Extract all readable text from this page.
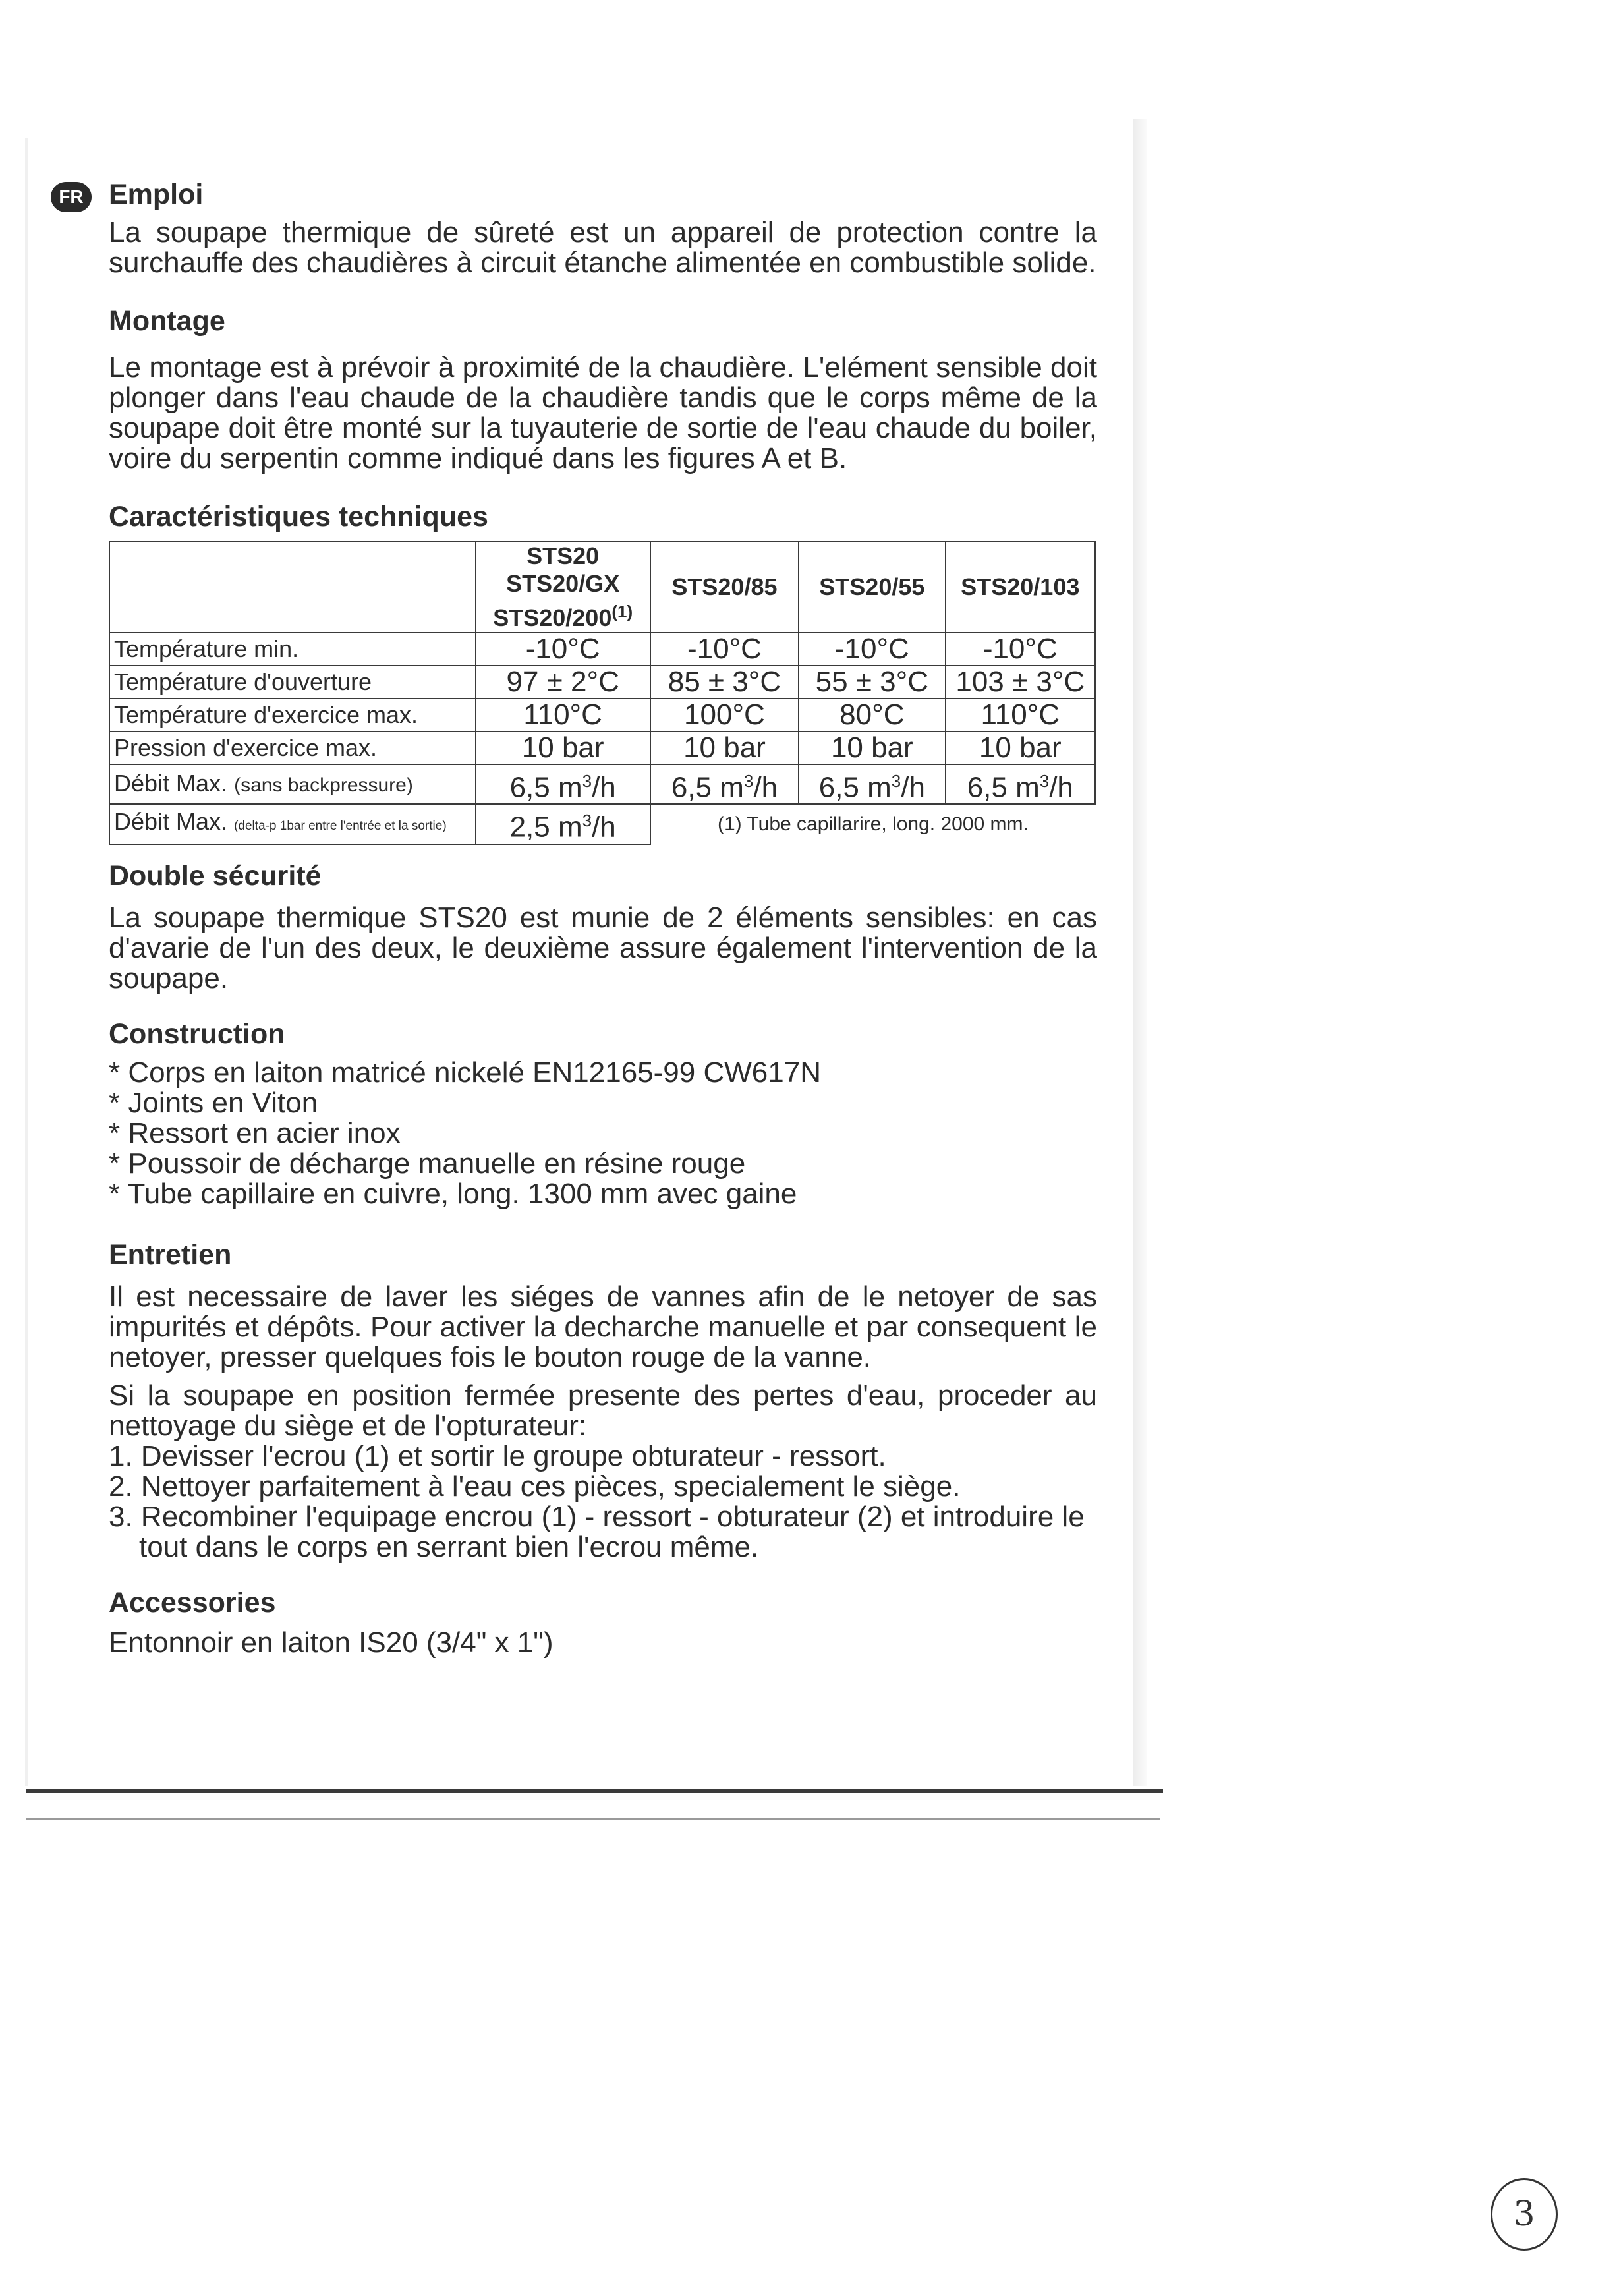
FR Emploi

La soupape thermique de sûreté est un appareil de protection contre la surchauffe des chaudières à circuit étanche alimentée en combustible solide.

Montage

Le montage est à prévoir à proximité de la chaudière. L'elément sensible doit plonger dans l'eau chaude de la chaudière tandis que le corps même de la soupape doit être monté sur la tuyauterie de sortie de l'eau chaude du boiler, voire du serpentin comme indiqué dans les figures A et B.

Caractéristiques techniques

	STS20
STS20/GX
STS20/200$^{(1)}$	STS20/85	STS20/55	STS20/103
Température min.	-10°C	-10°C	-10°C	-10°C
Température d'ouverture	97 ± 2°C	85 ± 3°C	55 ± 3°C	103 ± 3°C
Température d'exercice max.	110°C	100°C	80°C	110°C
Pression d'exercice max.	10 bar	10 bar	10 bar	10 bar
Débit Max. (sans backpressure)	6,5 $m^3/h$	6,5 $m^3/h$	6,5 $m^3/h$	6,5 $m^3/h$
Débit Max. (delta-p 1bar entre l'entrée et la sortie)	2,5 $m^3/h$	(1) Tube capillarire, long. 2000 mm.		
Double sécurité

La soupape thermique STS20 est munie de 2 éléments sensibles: en cas d'avarie de l'un des deux, le deuxième assure également l'intervention de la soupape.

Construction

* Corps en laiton matricé nickelé EN12165-99 CW617N

* Joints en Viton

* Ressort en acier inox

* Poussoir de décharge manuelle en résine rouge

* Tube capillaire en cuivre, long. 1300 mm avec gaine

Entretien

Il est necessaire de laver les siéges de vannes afin de le netoyer de sas impurités et dépôts. Pour activer la decharche manuelle et par consequent le netoyer, presser quelques fois le bouton rouge de la vanne.

Si la soupape en position fermée presente des pertes d'eau, proceder au nettoyage du siège et de l'opturateur:

1. Devisser l'ecrou (1) et sortir le groupe obturateur - ressort.

2. Nettoyer parfaitement à l'eau ces pièces, specialement le siège.

3. Recombiner l'equipage encrou (1) - ressort - obturateur (2) et introduire le tout dans le corps en serrant bien l'ecrou même.

Accessories

Entonnoir en laiton IS20 (3/4" x 1")

3
